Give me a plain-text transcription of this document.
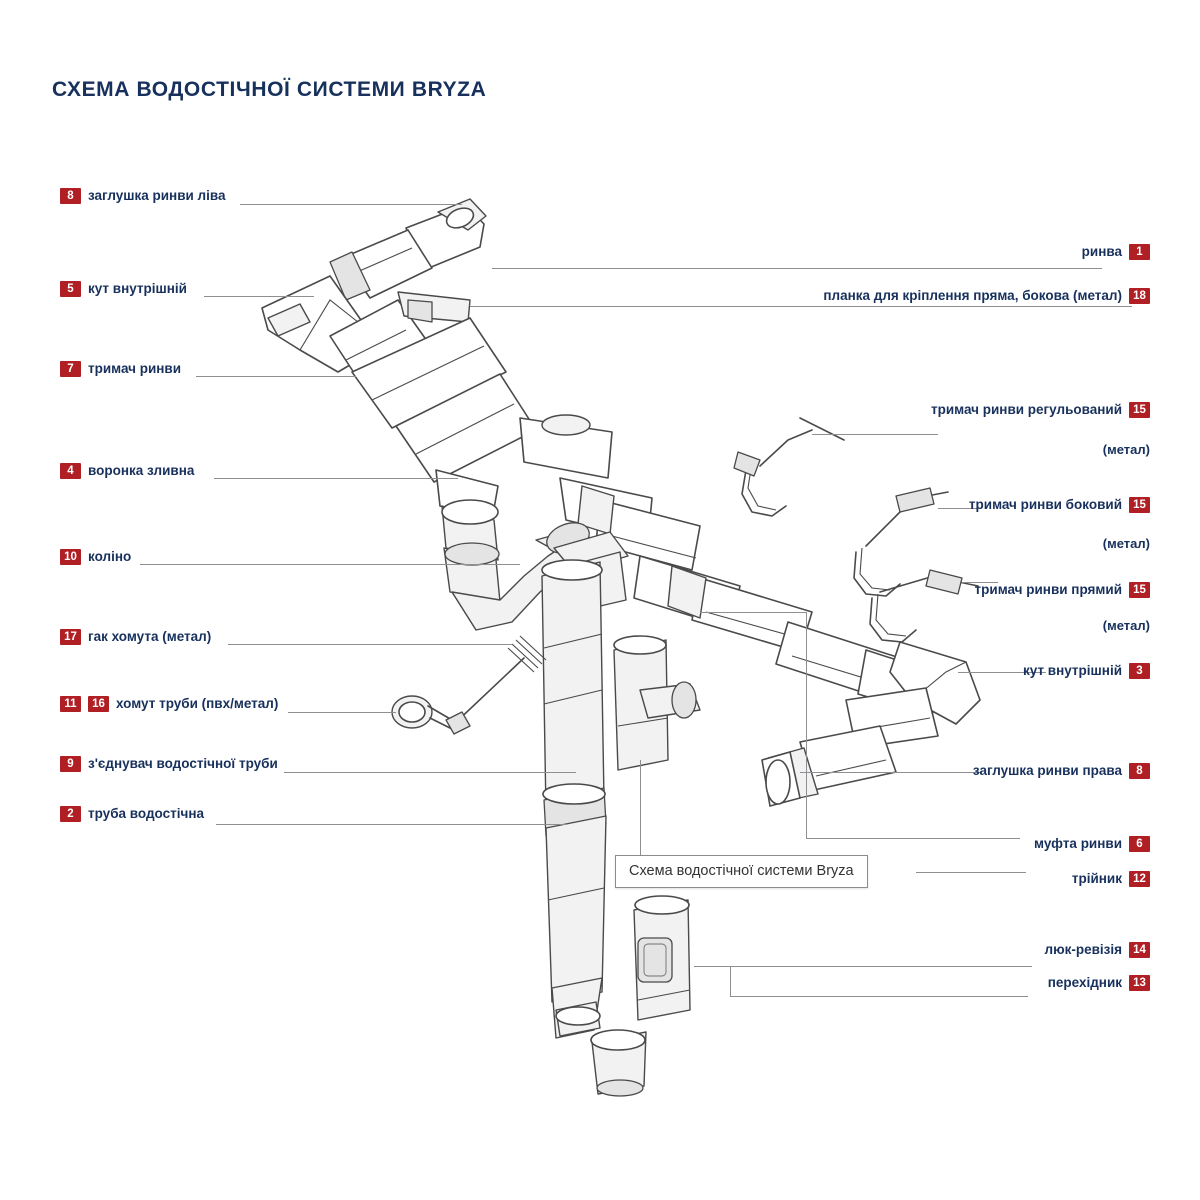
СХЕМА ВОДОСТІЧНОЇ СИСТЕМИ BRYZA
8	заглушка ринви ліва
5	кут внутрішній
7	тримач ринви
4	воронка зливна
10 коліно
17 гак хомута (метал)
11	16 хомут труби (пвх/метал)
9	з'єднувач водостічної труби
2	труба водостічна
ринва	1
планка для кріплення пряма, бокова (метал) 18
тримач ринви регульований 15
(метал)
тримач ринви боковий 15
(метал)
тримач ринви прямий 15
(метал)
кут внутрішній	3
заглушка ринви права	8
муфта ринви	6
трійник 12
люк-ревізія 14
перехідник 13
Схема водостічної системи Bryza
